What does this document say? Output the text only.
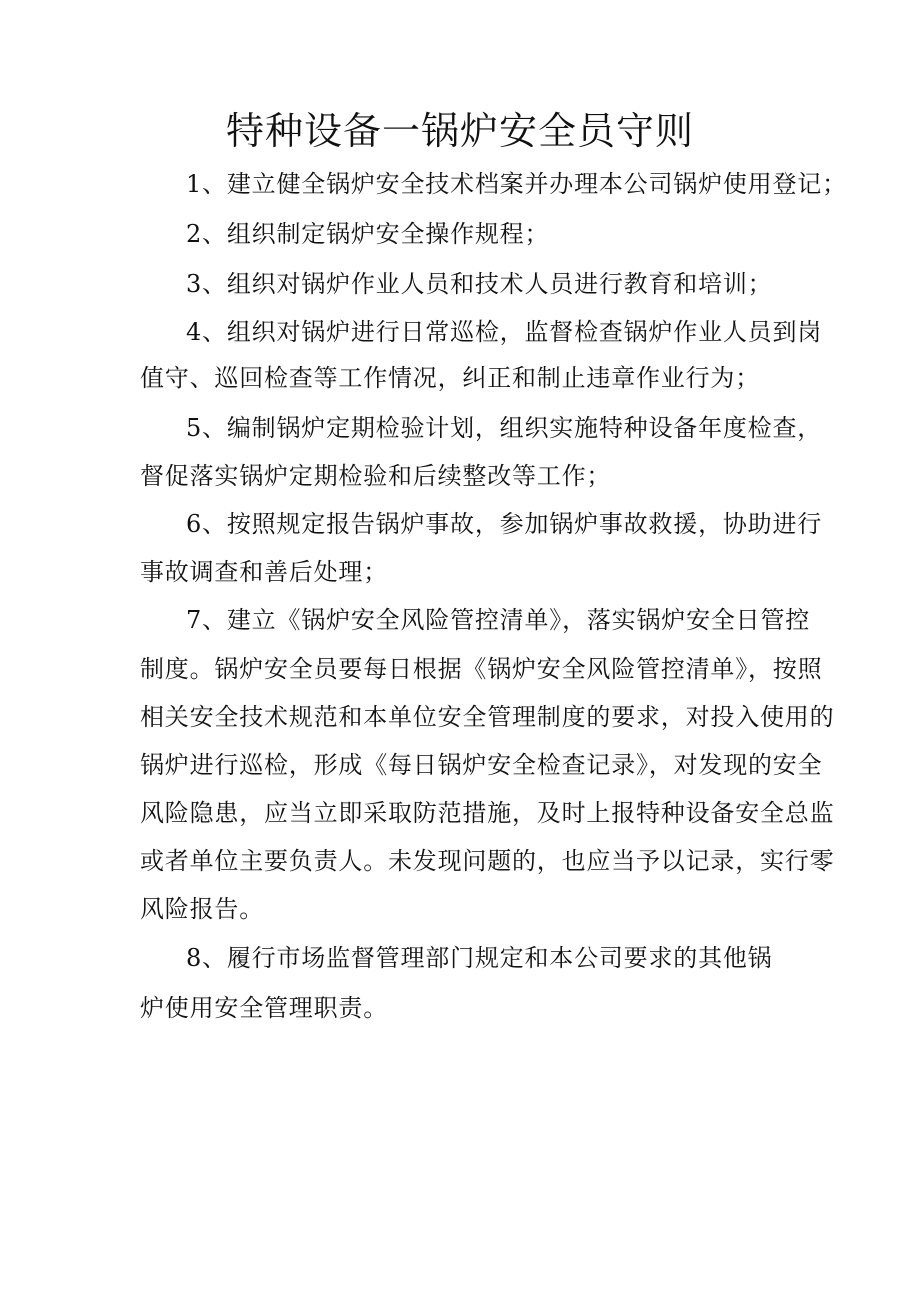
特种设备一锅炉安全员守则
1、建立健全锅炉安全技术档案并办理本公司锅炉使用登记；
2、组织制定锅炉安全操作规程；
3、组织对锅炉作业人员和技术人员进行教育和培训；
4、组织对锅炉进行日常巡检，监督检查锅炉作业人员到岗
值守、巡回检查等工作情况，纠正和制止违章作业行为；
5、编制锅炉定期检验计划，组织实施特种设备年度检查，
督促落实锅炉定期检验和后续整改等工作；
6、按照规定报告锅炉事故，参加锅炉事故救援，协助进行
事故调查和善后处理；
7、建立《锅炉安全风险管控清单》，落实锅炉安全日管控
制度。锅炉安全员要每日根据《锅炉安全风险管控清单》，按照
相关安全技术规范和本单位安全管理制度的要求，对投入使用的
锅炉进行巡检，形成《每日锅炉安全检查记录》，对发现的安全
风险隐患，应当立即采取防范措施，及时上报特种设备安全总监
或者单位主要负责人。未发现问题的，也应当予以记录，实行零
风险报告。
8、履行市场监督管理部门规定和本公司要求的其他锅
炉使用安全管理职责。
